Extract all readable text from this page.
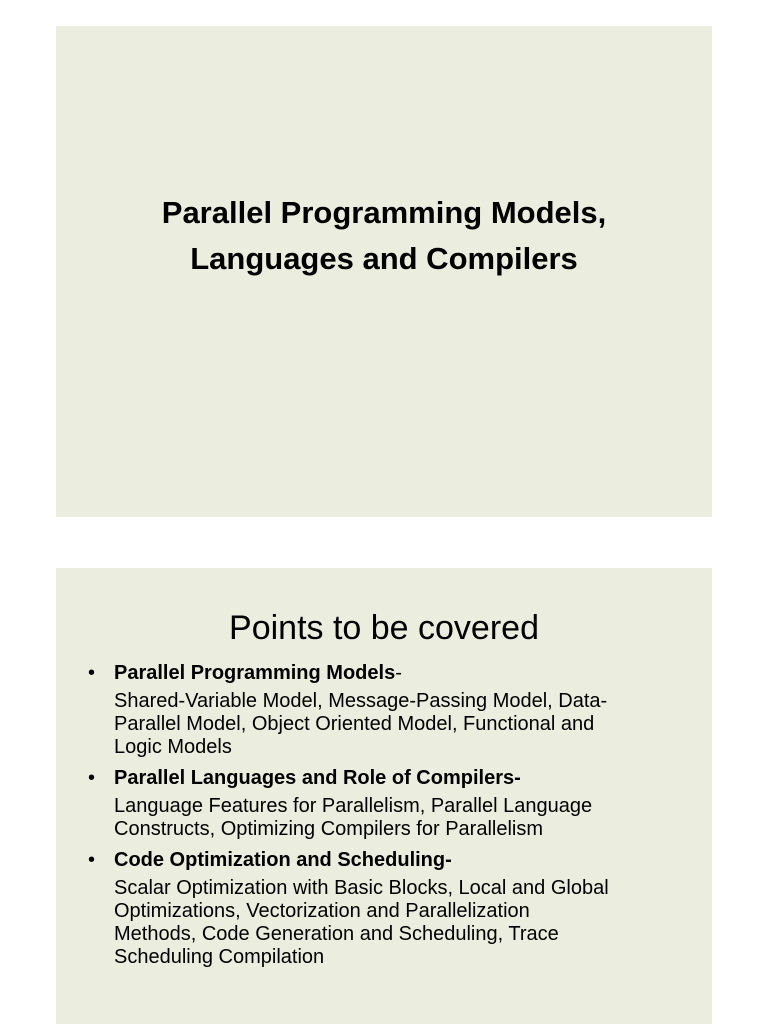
Parallel Programming Models,
Languages and Compilers
Points to be covered
• Parallel Programming Models-
Shared-Variable Model, Message-Passing Model, Data-
Parallel Model, Object Oriented Model, Functional and
Logic Models
• Parallel Languages and Role of Compilers-
Language Features for Parallelism, Parallel Language
Constructs, Optimizing Compilers for Parallelism
• Code Optimization and Scheduling-
Scalar Optimization with Basic Blocks, Local and Global
Optimizations, Vectorization and Parallelization
Methods, Code Generation and Scheduling, Trace
Scheduling Compilation
